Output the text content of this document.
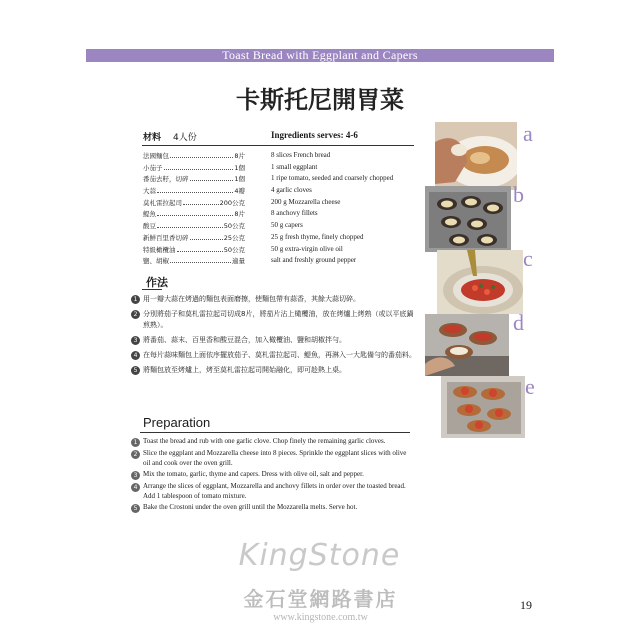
Toast Bread with Eggplant and Capers
卡斯托尼開胃菜
材料 4人份	Ingredients serves: 4-6
法國麵包	8片
小茄子	1個
番茄去籽，切碎	1個
大蒜	4瓣
莫札雷拉起司	200公克
鯷魚	8片
酸豆	50公克
新鮮百里香切碎	25公克
特級橄欖油	50公克
鹽、胡椒	適量
8 slices French bread
1 small eggplant
1 ripe tomato, seeded and coarsely chopped
4 garlic cloves
200 g Mozzarella cheese
8 anchovy fillets
50 g capers
25 g fresh thyme, finely chopped
50 g extra-virgin olive oil
salt and freshly ground pepper
作法
1 用一瓣大蒜在烤過的麵包表面磨擦，使麵包帶有蒜香，其餘大蒜切碎。
2 分別將茄子和莫札雷拉起司切成8片，將茄片沾上橄欖油，放在烤爐上烤熟（或以平底鍋煎熟）。
3 將番茄、蒜末、百里香和酸豆混合，加入橄欖油、鹽和胡椒拌勻。
4 在每片蒜味麵包上面依序擺放茄子、莫札雷拉起司、鯷魚，再淋入一大匙備勻的番茄料。
5 將麵包放至烤爐上，烤至莫札雷拉起司開始融化，即可趁熱上桌。
Preparation
1 Toast the bread and rub with one garlic clove. Chop finely the remaining garlic cloves.
2 Slice the eggplant and Mozzarella cheese into 8 pieces. Sprinkle the eggplant slices with olive oil and cook over the oven grill.
3 Mix the tomato, garlic, thyme and capers. Dress with olive oil, salt and pepper.
4 Arrange the slices of eggplant, Mozzarella and anchovy fillets in order over the toasted bread. Add 1 tablespoon of tomato mixture.
5 Bake the Crostoni under the oven grill until the Mozzarella melts. Serve hot.
a
b
c
d
e
KingStone
金石堂網路書店
www.kingstone.com.tw
19
